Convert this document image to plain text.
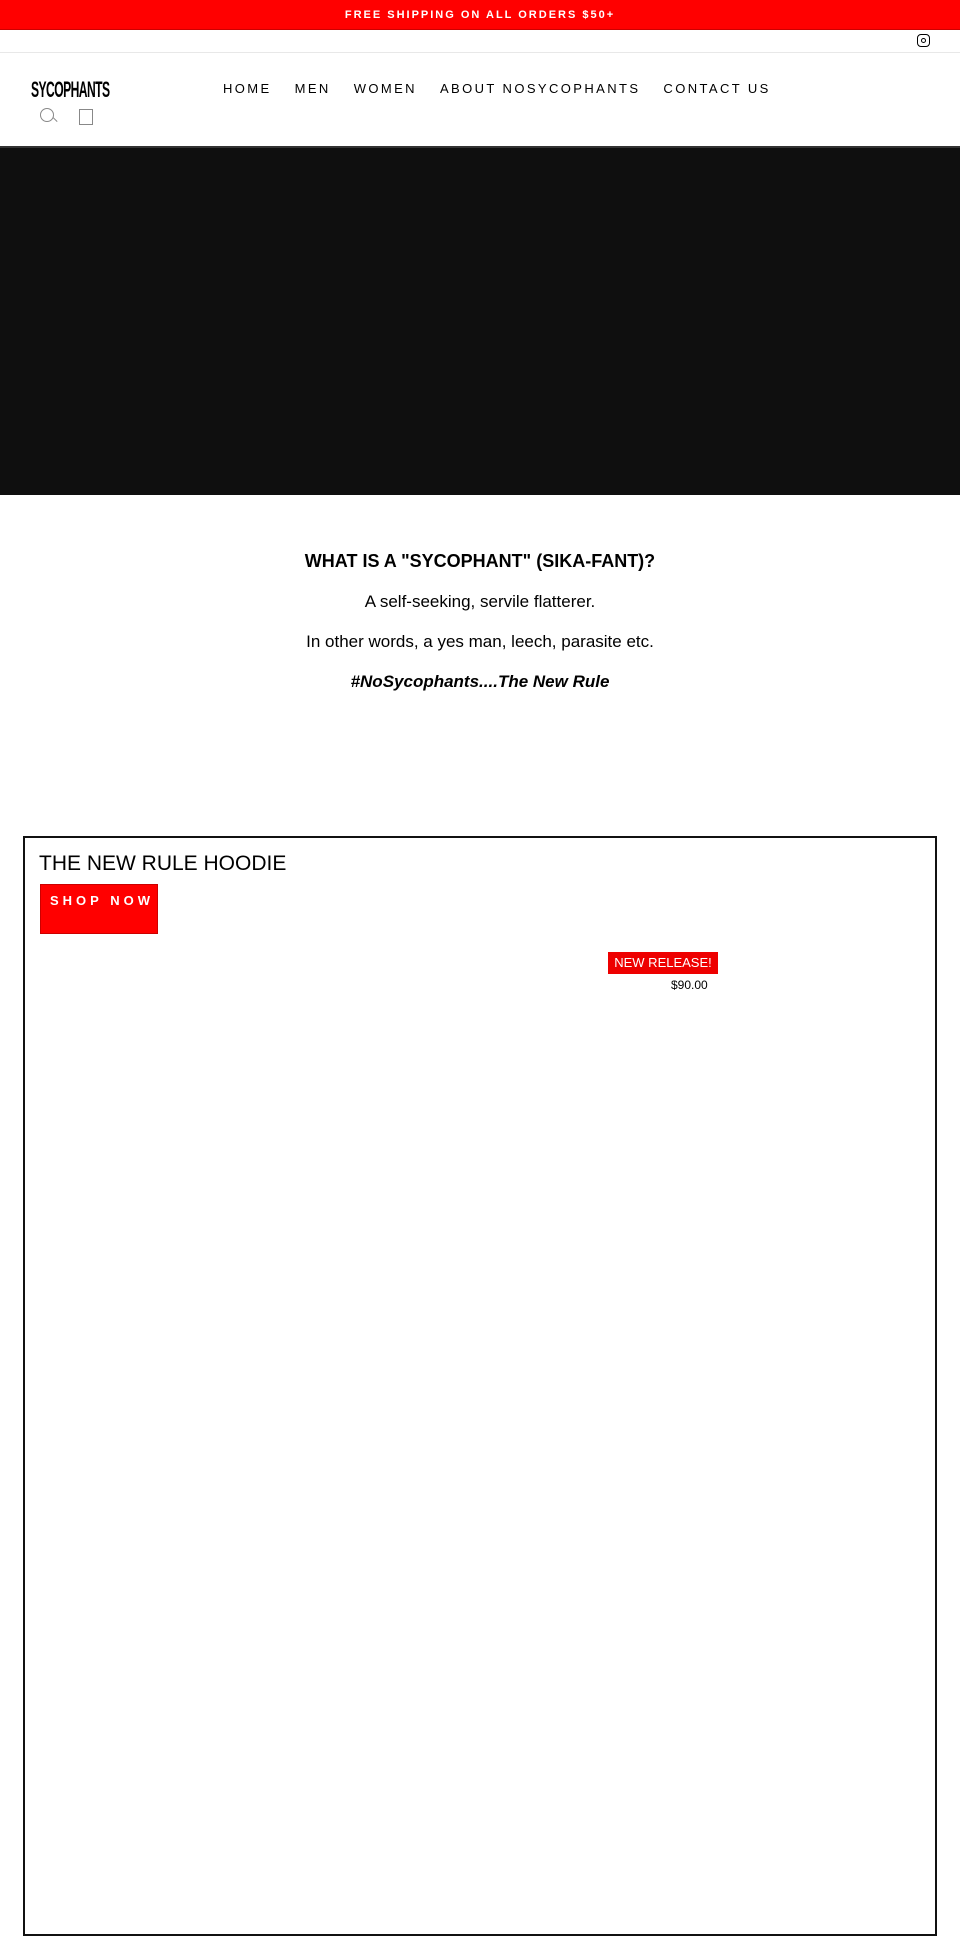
FREE SHIPPING ON ALL ORDERS $50+
SYCOPHANTS	HOME MEN WOMEN ABOUT NOSYCOPHANTS CONTACT US
WHAT IS A "SYCOPHANT" (SIKA-FANT)?

A self-seeking, servile flatterer.

In other words, a yes man, leech, parasite etc.

#NoSycophants....The New Rule

THE NEW RULE HOODIE
SHOP NOW
NEW RELEASE!
$90.00
